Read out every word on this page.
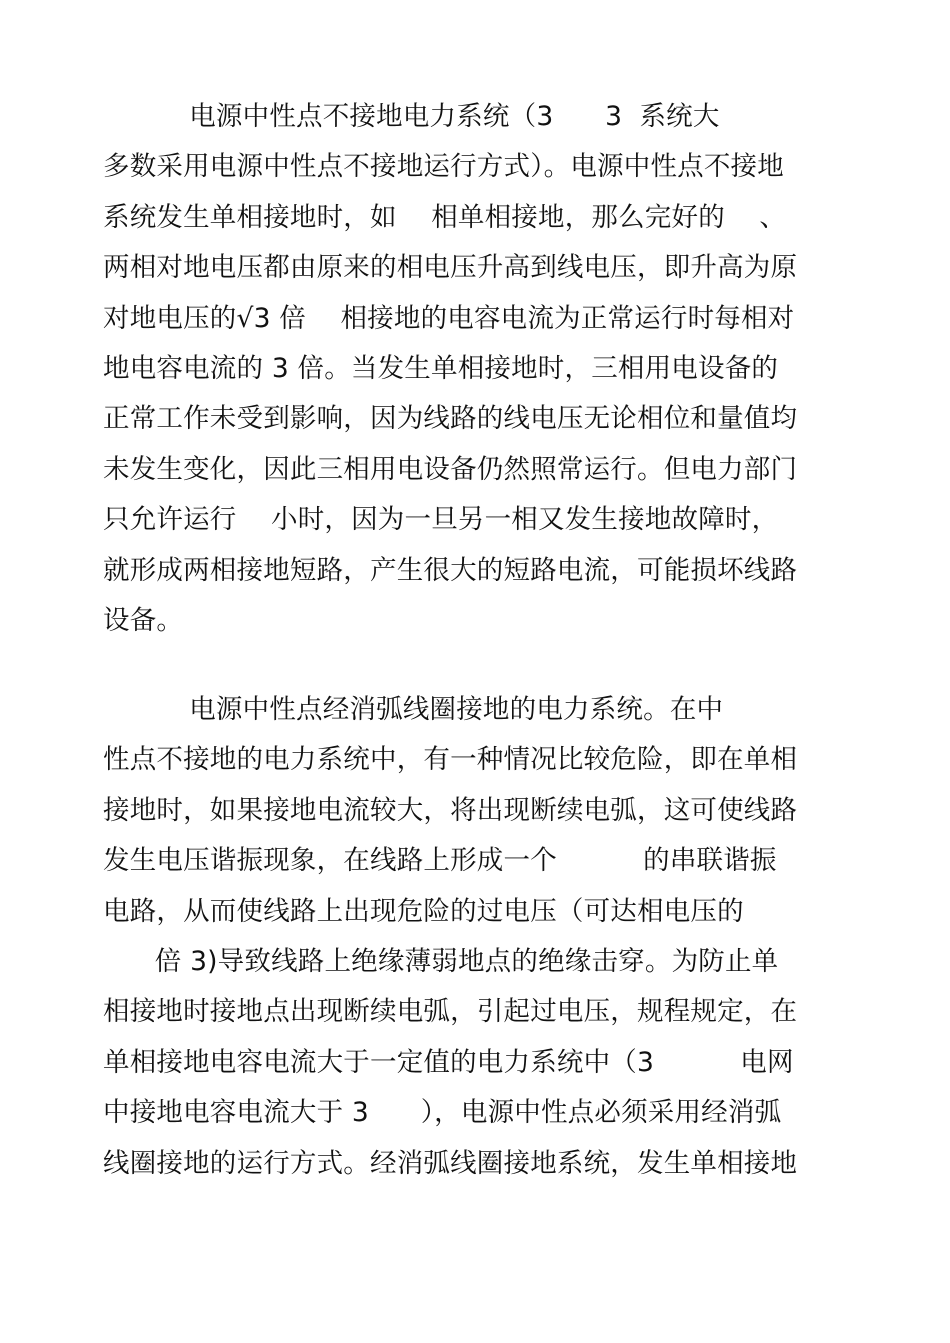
电源中性点不接地电力系统（3      3  系统大
多数采用电源中性点不接地运行方式）。电源中性点不接地
系统发生单相接地时，如    相单相接地，那么完好的    、
两相对地电压都由原来的相电压升高到线电压，即升高为原
对地电压的√3 倍    相接地的电容电流为正常运行时每相对
地电容电流的 3 倍。当发生单相接地时，三相用电设备的
正常工作未受到影响，因为线路的线电压无论相位和量值均
未发生变化，因此三相用电设备仍然照常运行。但电力部门
只允许运行    小时，因为一旦另一相又发生接地故障时，
就形成两相接地短路，产生很大的短路电流，可能损坏线路
设备。
电源中性点经消弧线圈接地的电力系统。在中
性点不接地的电力系统中，有一种情况比较危险，即在单相
接地时，如果接地电流较大，将出现断续电弧，这可使线路
发生电压谐振现象，在线路上形成一个          的串联谐振
电路，从而使线路上出现危险的过电压（可达相电压的
倍 3)导致线路上绝缘薄弱地点的绝缘击穿。为防止单
相接地时接地点出现断续电弧，引起过电压，规程规定，在
单相接地电容电流大于一定值的电力系统中（3          电网
中接地电容电流大于 3      ），电源中性点必须采用经消弧
线圈接地的运行方式。经消弧线圈接地系统，发生单相接地
